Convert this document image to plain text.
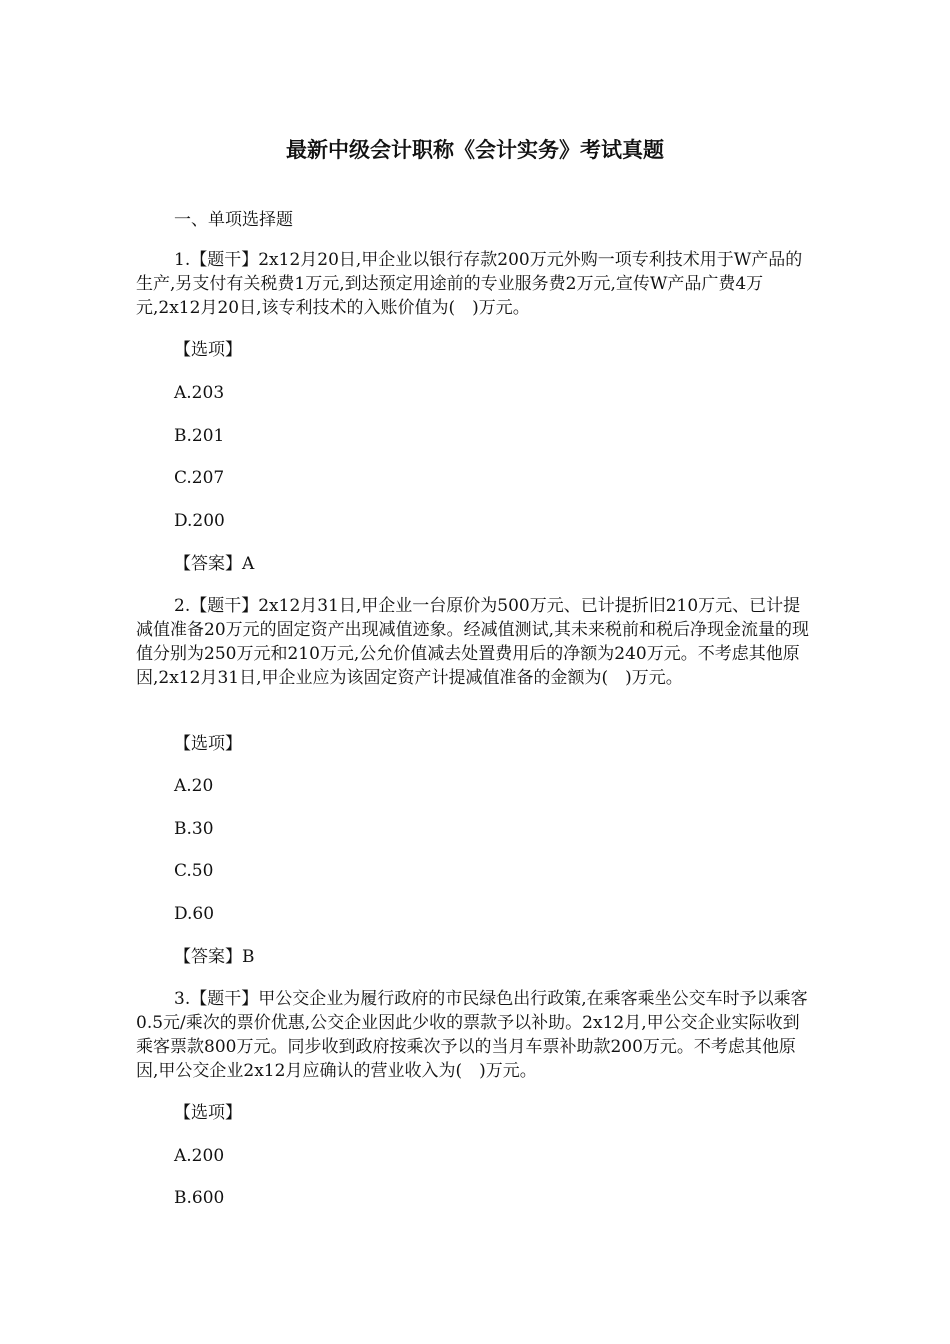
最新中级会计职称《会计实务》考试真题
一、单项选择题

1.【题干】2x12月20日,甲企业以银行存款200万元外购一项专利技术用于W产品的生产,另支付有关税费1万元,到达预定用途前的专业服务费2万元,宣传W产品广费4万元,2x12月20日,该专利技术的入账价值为(　)万元。

【选项】
A.203
B.201
C.207
D.200
【答案】A

2.【题干】2x12月31日,甲企业一台原价为500万元、已计提折旧210万元、已计提减值准备20万元的固定资产出现减值迹象。经减值测试,其未来税前和税后净现金流量的现值分别为250万元和210万元,公允价值减去处置费用后的净额为240万元。不考虑其他原因,2x12月31日,甲企业应为该固定资产计提减值准备的金额为(　)万元。

【选项】
A.20
B.30
C.50
D.60
【答案】B

3.【题干】甲公交企业为履行政府的市民绿色出行政策,在乘客乘坐公交车时予以乘客0.5元/乘次的票价优惠,公交企业因此少收的票款予以补助。2x12月,甲公交企业实际收到乘客票款800万元。同步收到政府按乘次予以的当月车票补助款200万元。不考虑其他原因,甲公交企业2x12月应确认的营业收入为(　)万元。

【选项】
A.200
B.600
